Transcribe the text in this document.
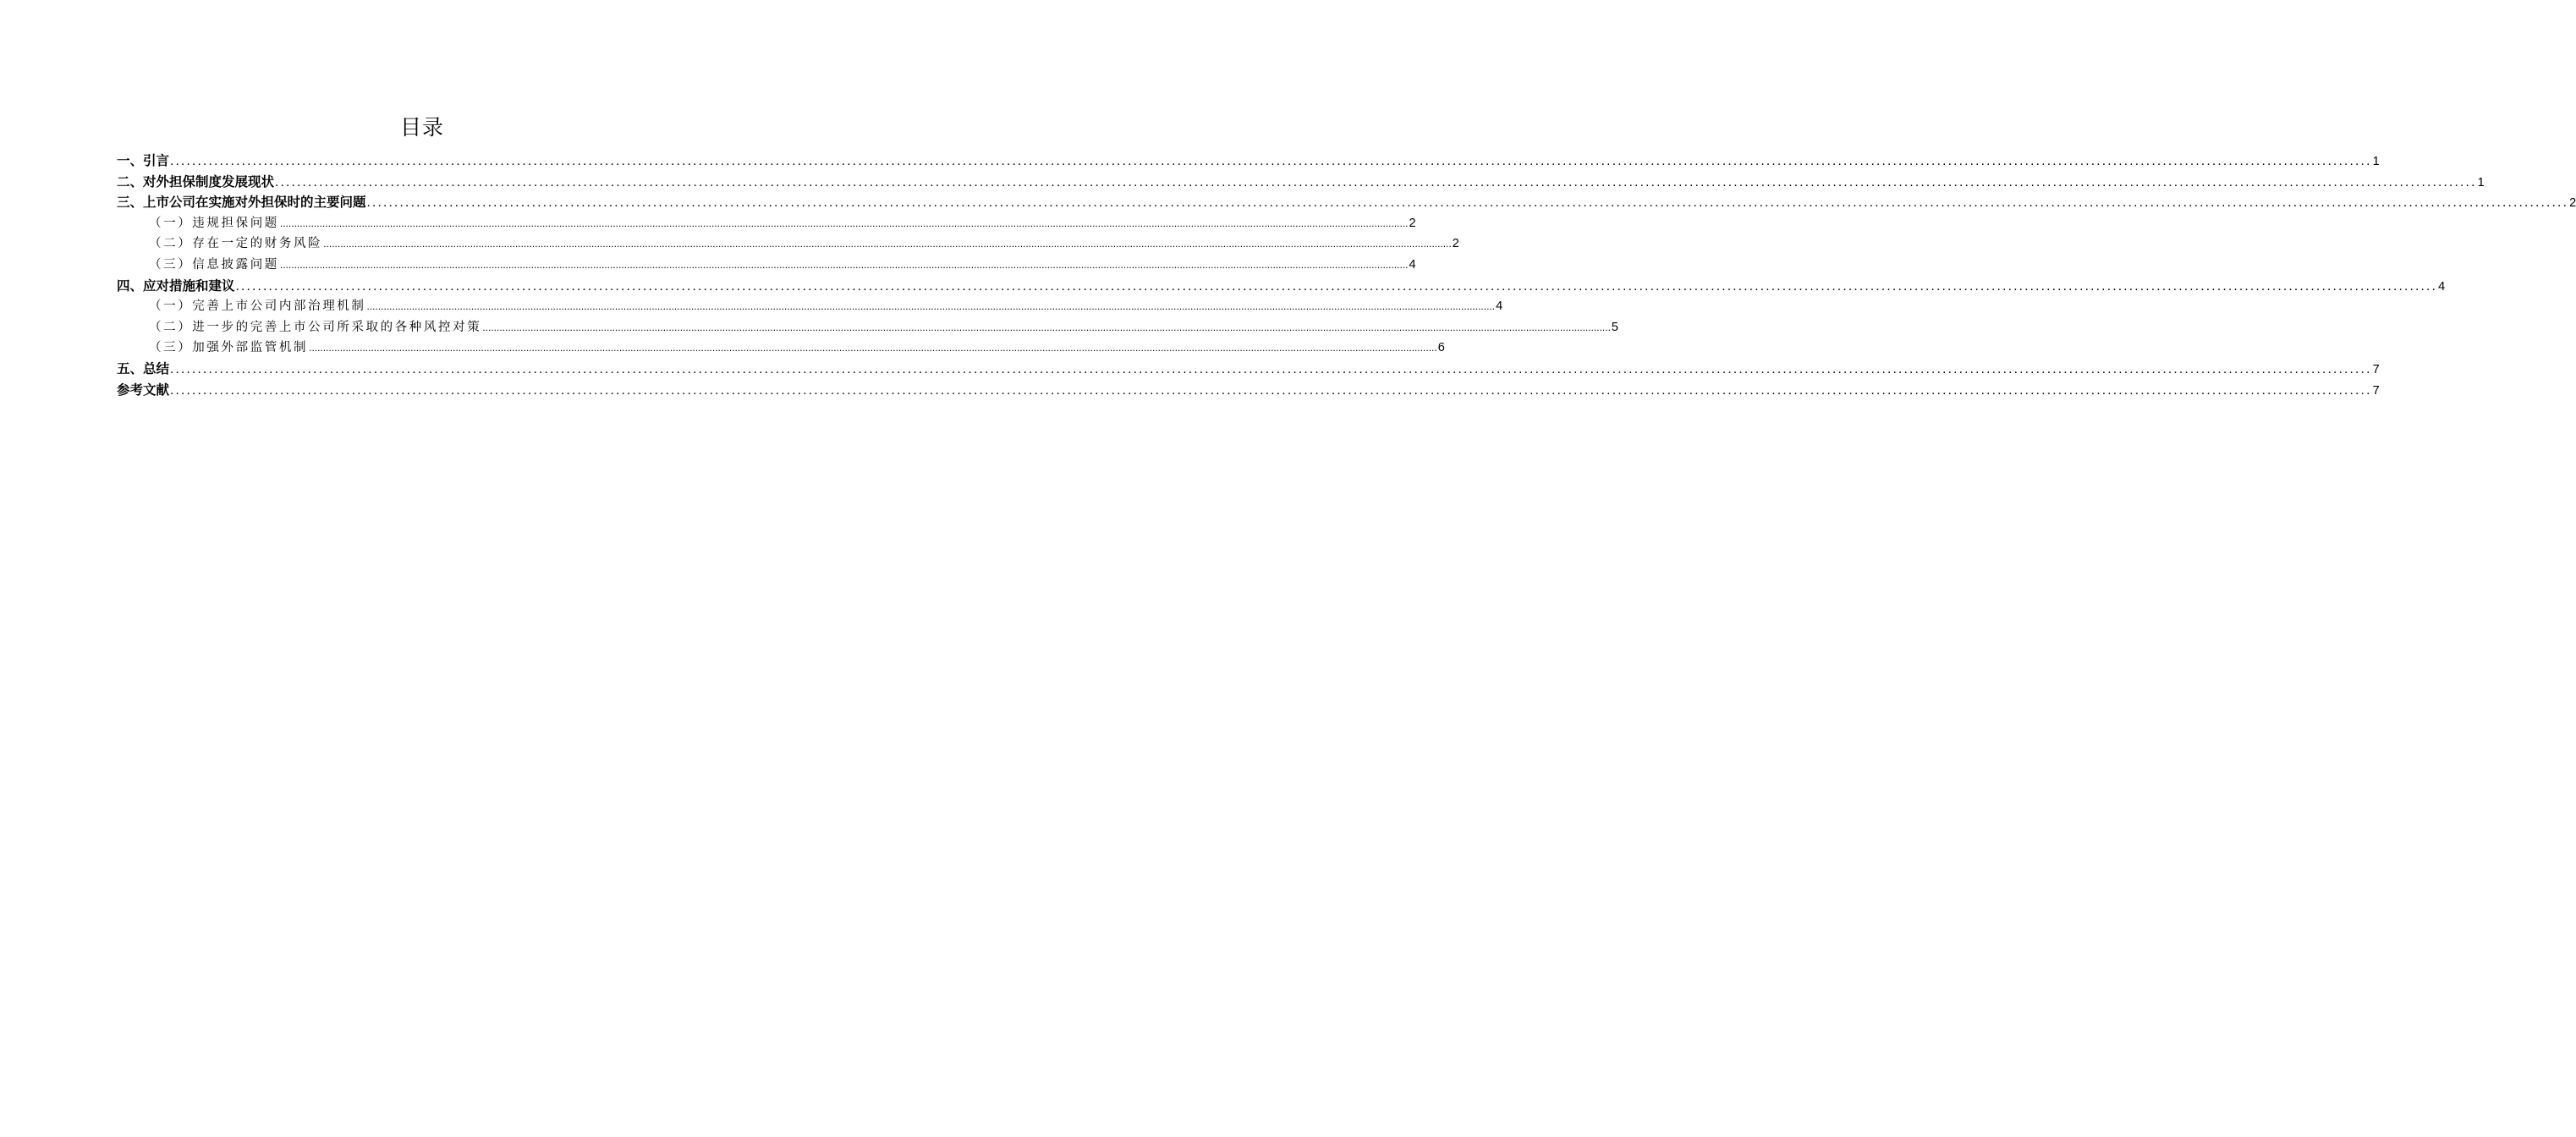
目录
一、引言 ................................................................................................................................................................................................................................................................................................................................................................................................................ 1
二、对外担保制度发展现状 ................................................................................................................................................................................................................................................................................................................................................................................................................ 1
三、上市公司在实施对外担保时的主要问题 ................................................................................................................................................................................................................................................................................................................................................................................................................ 2
（一）违规担保问题 ................................................................................................................................................................................................................................................................................................................................................................................................................ 2
（二）存在一定的财务风险 ................................................................................................................................................................................................................................................................................................................................................................................................................ 2
（三）信息披露问题 ................................................................................................................................................................................................................................................................................................................................................................................................................ 4
四、应对措施和建议 ................................................................................................................................................................................................................................................................................................................................................................................................................ 4
（一）完善上市公司内部治理机制 ................................................................................................................................................................................................................................................................................................................................................................................................................ 4
（二）进一步的完善上市公司所采取的各种风控对策 ................................................................................................................................................................................................................................................................................................................................................................................................................ 5
（三）加强外部监管机制 ................................................................................................................................................................................................................................................................................................................................................................................................................ 6
五、总结 ................................................................................................................................................................................................................................................................................................................................................................................................................ 7
参考文献 ................................................................................................................................................................................................................................................................................................................................................................................................................ 7
